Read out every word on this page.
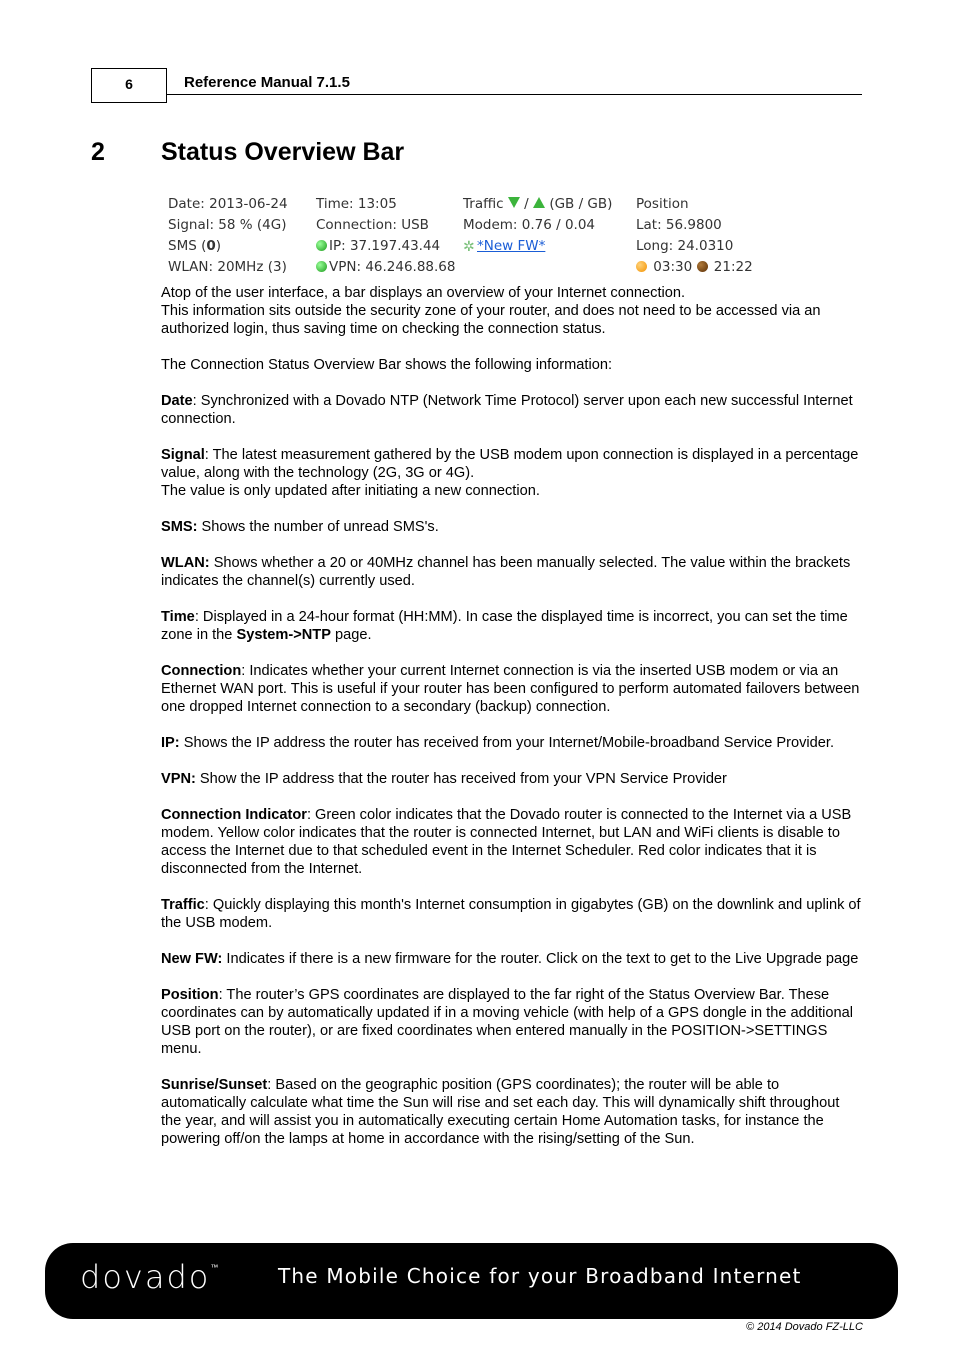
6	Reference Manual 7.1.5
2 Status Overview Bar
Date: 2013-06-24
Signal: 58 % (4G)
SMS (0)
WLAN: 20MHz (3)
Time: 13:05
Connection: USB
IP: 37.197.43.44
VPN: 46.246.88.68
Traffic / (GB / GB)
Modem: 0.76 / 0.04
✲ *New FW*
Position
Lat: 56.9800
Long: 24.0310
03:30 21:22

Atop of the user interface, a bar displays an overview of your Internet connection.
This information sits outside the security zone of your router, and does not need to be accessed via an authorized login, thus saving time on checking the connection status.

The Connection Status Overview Bar shows the following information:

Date: Synchronized with a Dovado NTP (Network Time Protocol) server upon each new successful Internet connection.

Signal: The latest measurement gathered by the USB modem upon connection is displayed in a percentage value, along with the technology (2G, 3G or 4G).
The value is only updated after initiating a new connection.

SMS: Shows the number of unread SMS's.

WLAN: Shows whether a 20 or 40MHz channel has been manually selected. The value within the brackets indicates the channel(s) currently used.

Time: Displayed in a 24-hour format (HH:MM). In case the displayed time is incorrect, you can set the time zone in the System->NTP page.

Connection: Indicates whether your current Internet connection is via the inserted USB modem or via an Ethernet WAN port. This is useful if your router has been configured to perform automated failovers between one dropped Internet connection to a secondary (backup) connection.

IP: Shows the IP address the router has received from your Internet/Mobile-broadband Service Provider.

VPN: Show the IP address that the router has received from your VPN Service Provider

Connection Indicator: Green color indicates that the Dovado router is connected to the Internet via a USB modem. Yellow color indicates that the router is connected Internet, but LAN and WiFi clients is disable to access the Internet due to that scheduled event in the Internet Scheduler. Red color indicates that it is disconnected from the Internet.

Traffic: Quickly displaying this month's Internet consumption in gigabytes (GB) on the downlink and uplink of the USB modem.

New FW: Indicates if there is a new firmware for the router. Click on the text to get to the Live Upgrade page

Position: The router’s GPS coordinates are displayed to the far right of the Status Overview Bar. These coordinates can by automatically updated if in a moving vehicle (with help of a GPS dongle in the additional USB port on the router), or are fixed coordinates when entered manually in the POSITION->SETTINGS menu.

Sunrise/Sunset: Based on the geographic position (GPS coordinates); the router will be able to automatically calculate what time the Sun will rise and set each day. This will dynamically shift throughout the year, and will assist you in automatically executing certain Home Automation tasks, for instance the powering off/on the lamps at home in accordance with the rising/setting of the Sun.

dovado™	The Mobile Choice for your Broadband Internet
© 2014 Dovado FZ-LLC
